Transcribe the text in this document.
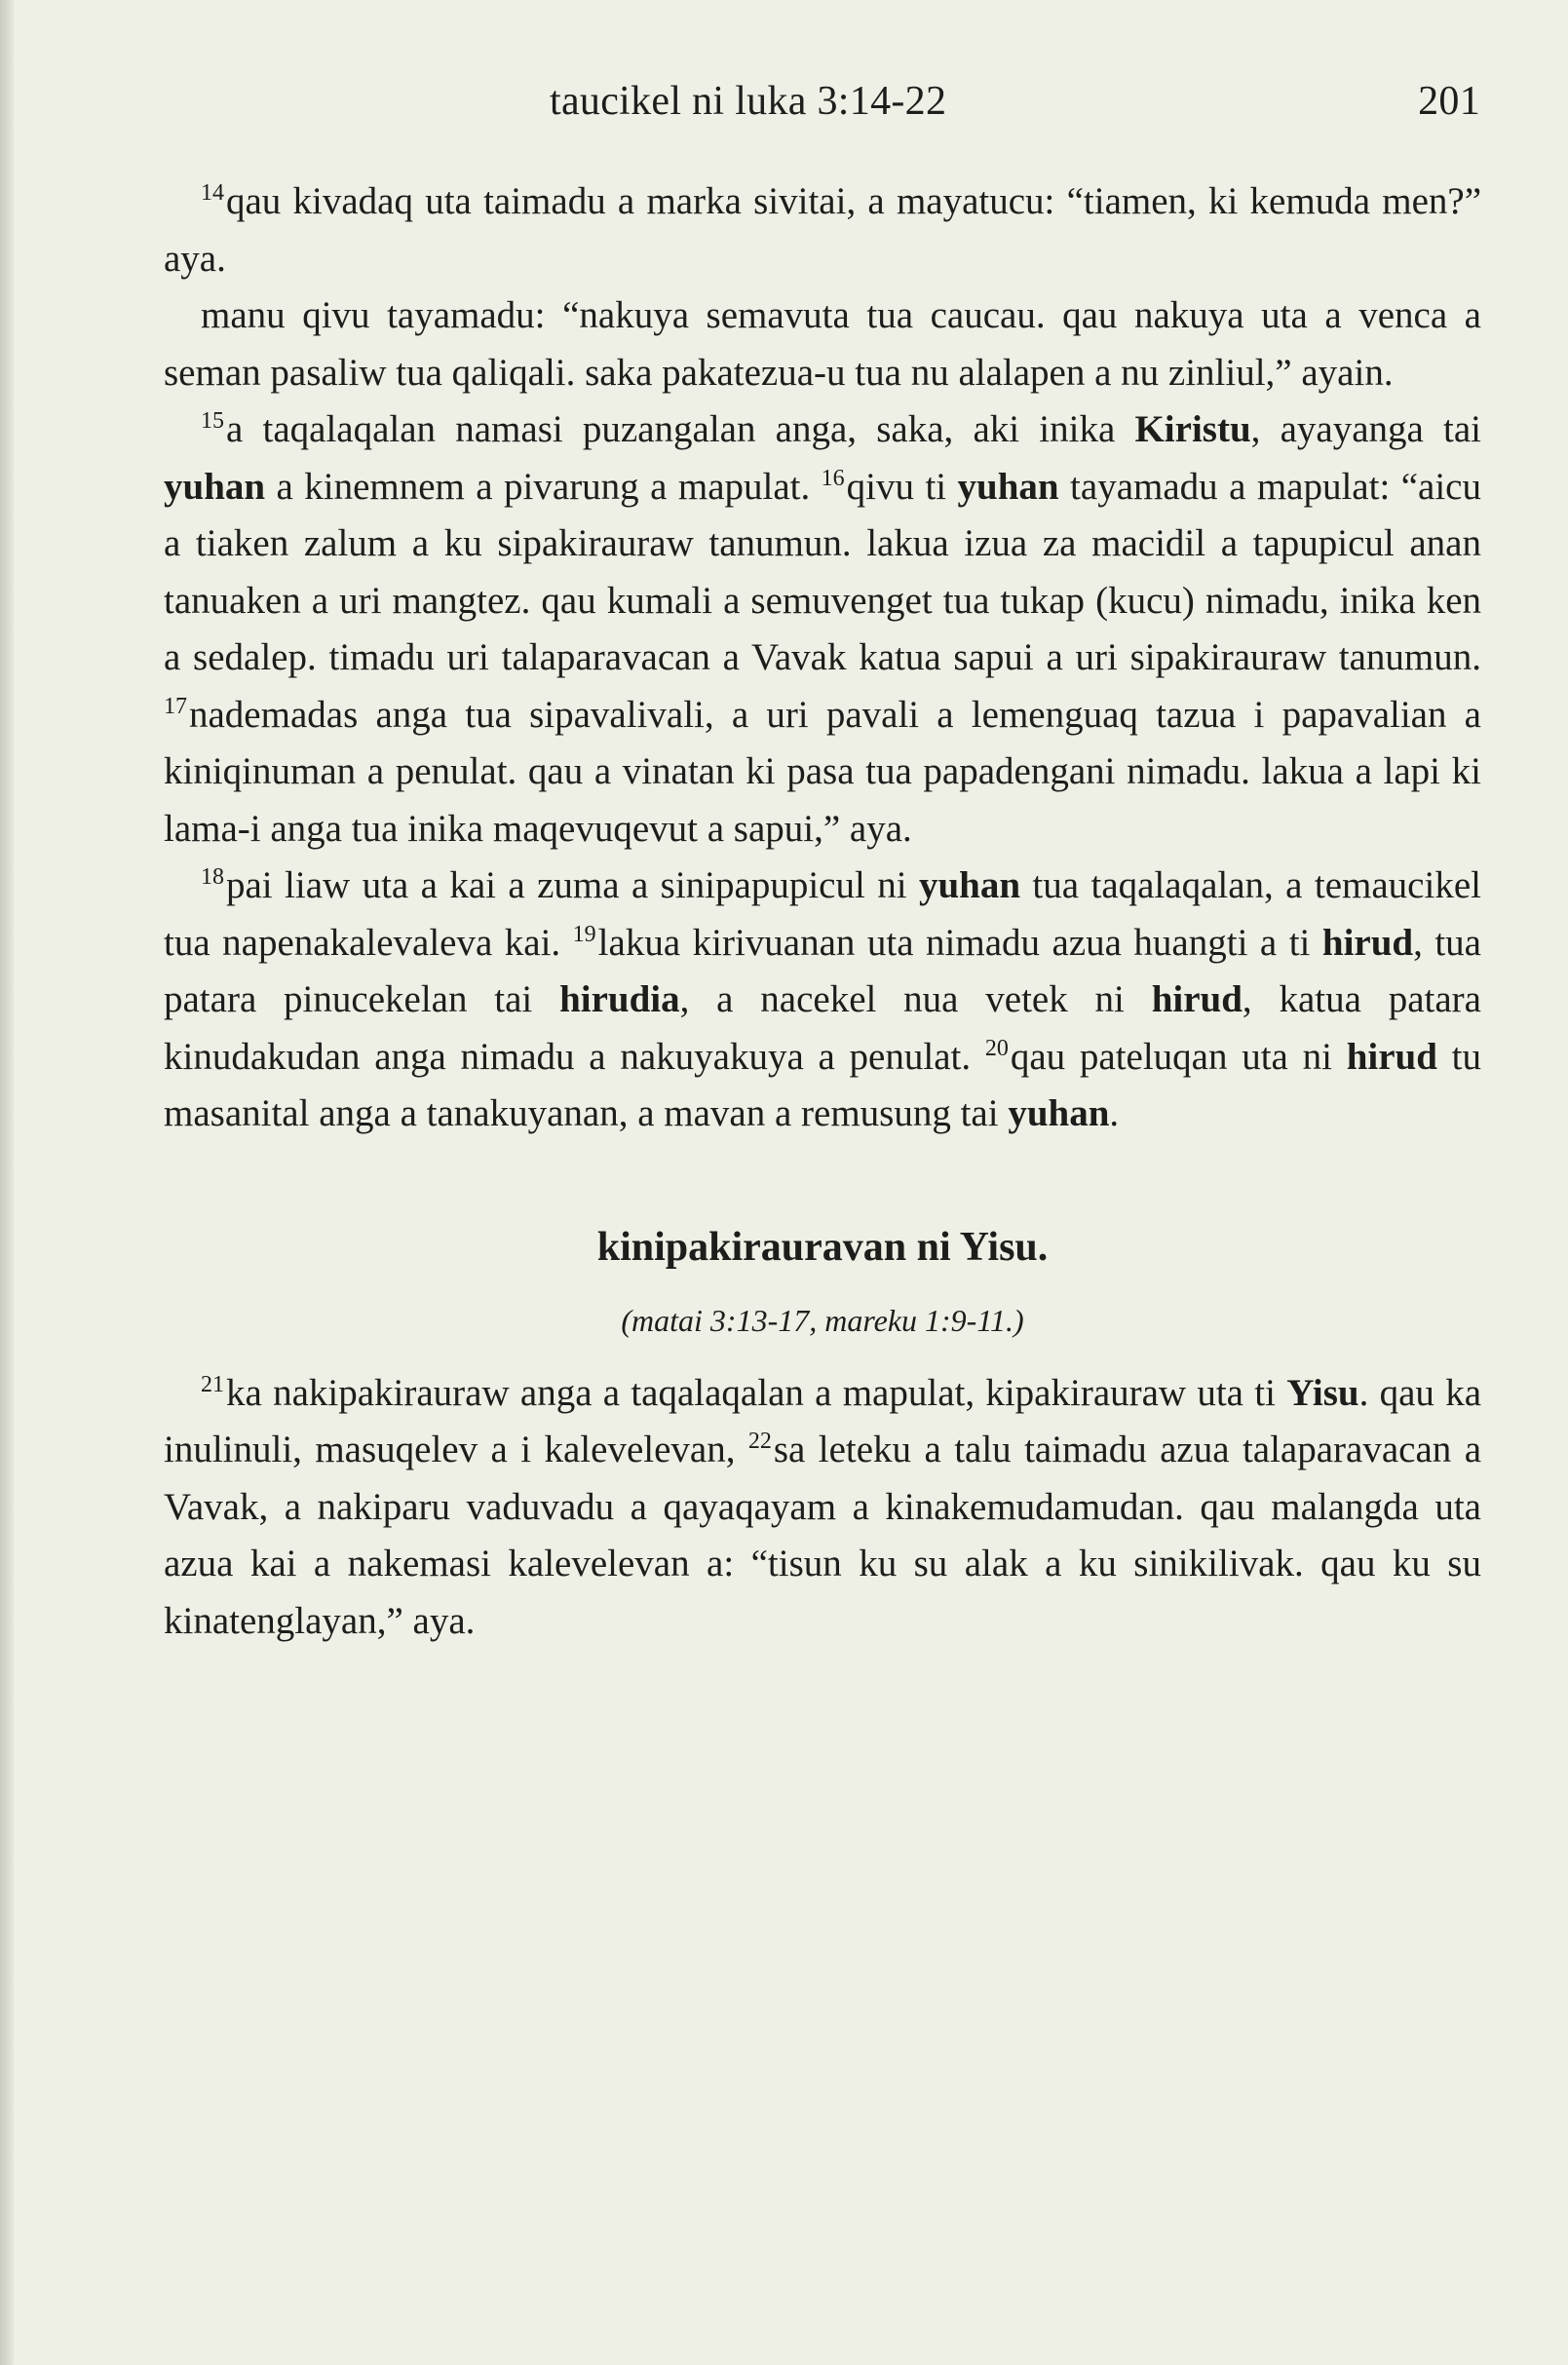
taucikel ni luka 3:14-22	201

$^{14}$qau kivadaq uta taimadu a marka sivitai, a mayatucu: “tiamen, ki kemuda men?” aya.

manu qivu tayamadu: “nakuya semavuta tua caucau. qau nakuya uta a venca a seman pasaliw tua qaliqali. saka pakatezua-u tua nu alalapen a nu zinliul,” ayain.

$^{15}$a taqalaqalan namasi puzangalan anga, saka, aki inika Kiristu, ayayanga tai yuhan a kinemnem a pivarung a mapulat. $^{16}$qivu ti yuhan tayamadu a mapulat: “aicu a tiaken zalum a ku sipakirauraw tanumun. lakua izua za macidil a tapupicul anan tanuaken a uri mangtez. qau kumali a semuvenget tua tukap (kucu) nimadu, inika ken a sedalep. timadu uri talaparavacan a Vavak katua sapui a uri sipakirauraw tanumun. $^{17}$nademadas anga tua sipavalivali, a uri pavali a lemenguaq tazua i papavalian a kiniqinuman a penulat. qau a vinatan ki pasa tua papadengani nimadu. lakua a lapi ki lama-i anga tua inika maqevuqevut a sapui,” aya.

$^{18}$pai liaw uta a kai a zuma a sinipapupicul ni yuhan tua taqalaqalan, a temaucikel tua napenakalevaleva kai. $^{19}$lakua kirivuanan uta nimadu azua huangti a ti hirud, tua patara pinucekelan tai hirudia, a nacekel nua vetek ni hirud, katua patara kinudakudan anga nimadu a nakuyakuya a penulat. $^{20}$qau pateluqan uta ni hirud tu masanital anga a tanakuyanan, a mavan a remusung tai yuhan.

kinipakirauravan ni Yisu.
(matai 3:13-17, mareku 1:9-11.)

$^{21}$ka nakipakirauraw anga a taqalaqalan a mapulat, kipakirauraw uta ti Yisu. qau ka inulinuli, masuqelev a i kalevelevan, $^{22}$sa leteku a talu taimadu azua talaparavacan a Vavak, a nakiparu vaduvadu a qayaqayam a kinakemudamudan. qau malangda uta azua kai a nakemasi kalevelevan a: “tisun ku su alak a ku sinikilivak. qau ku su kinatenglayan,” aya.
